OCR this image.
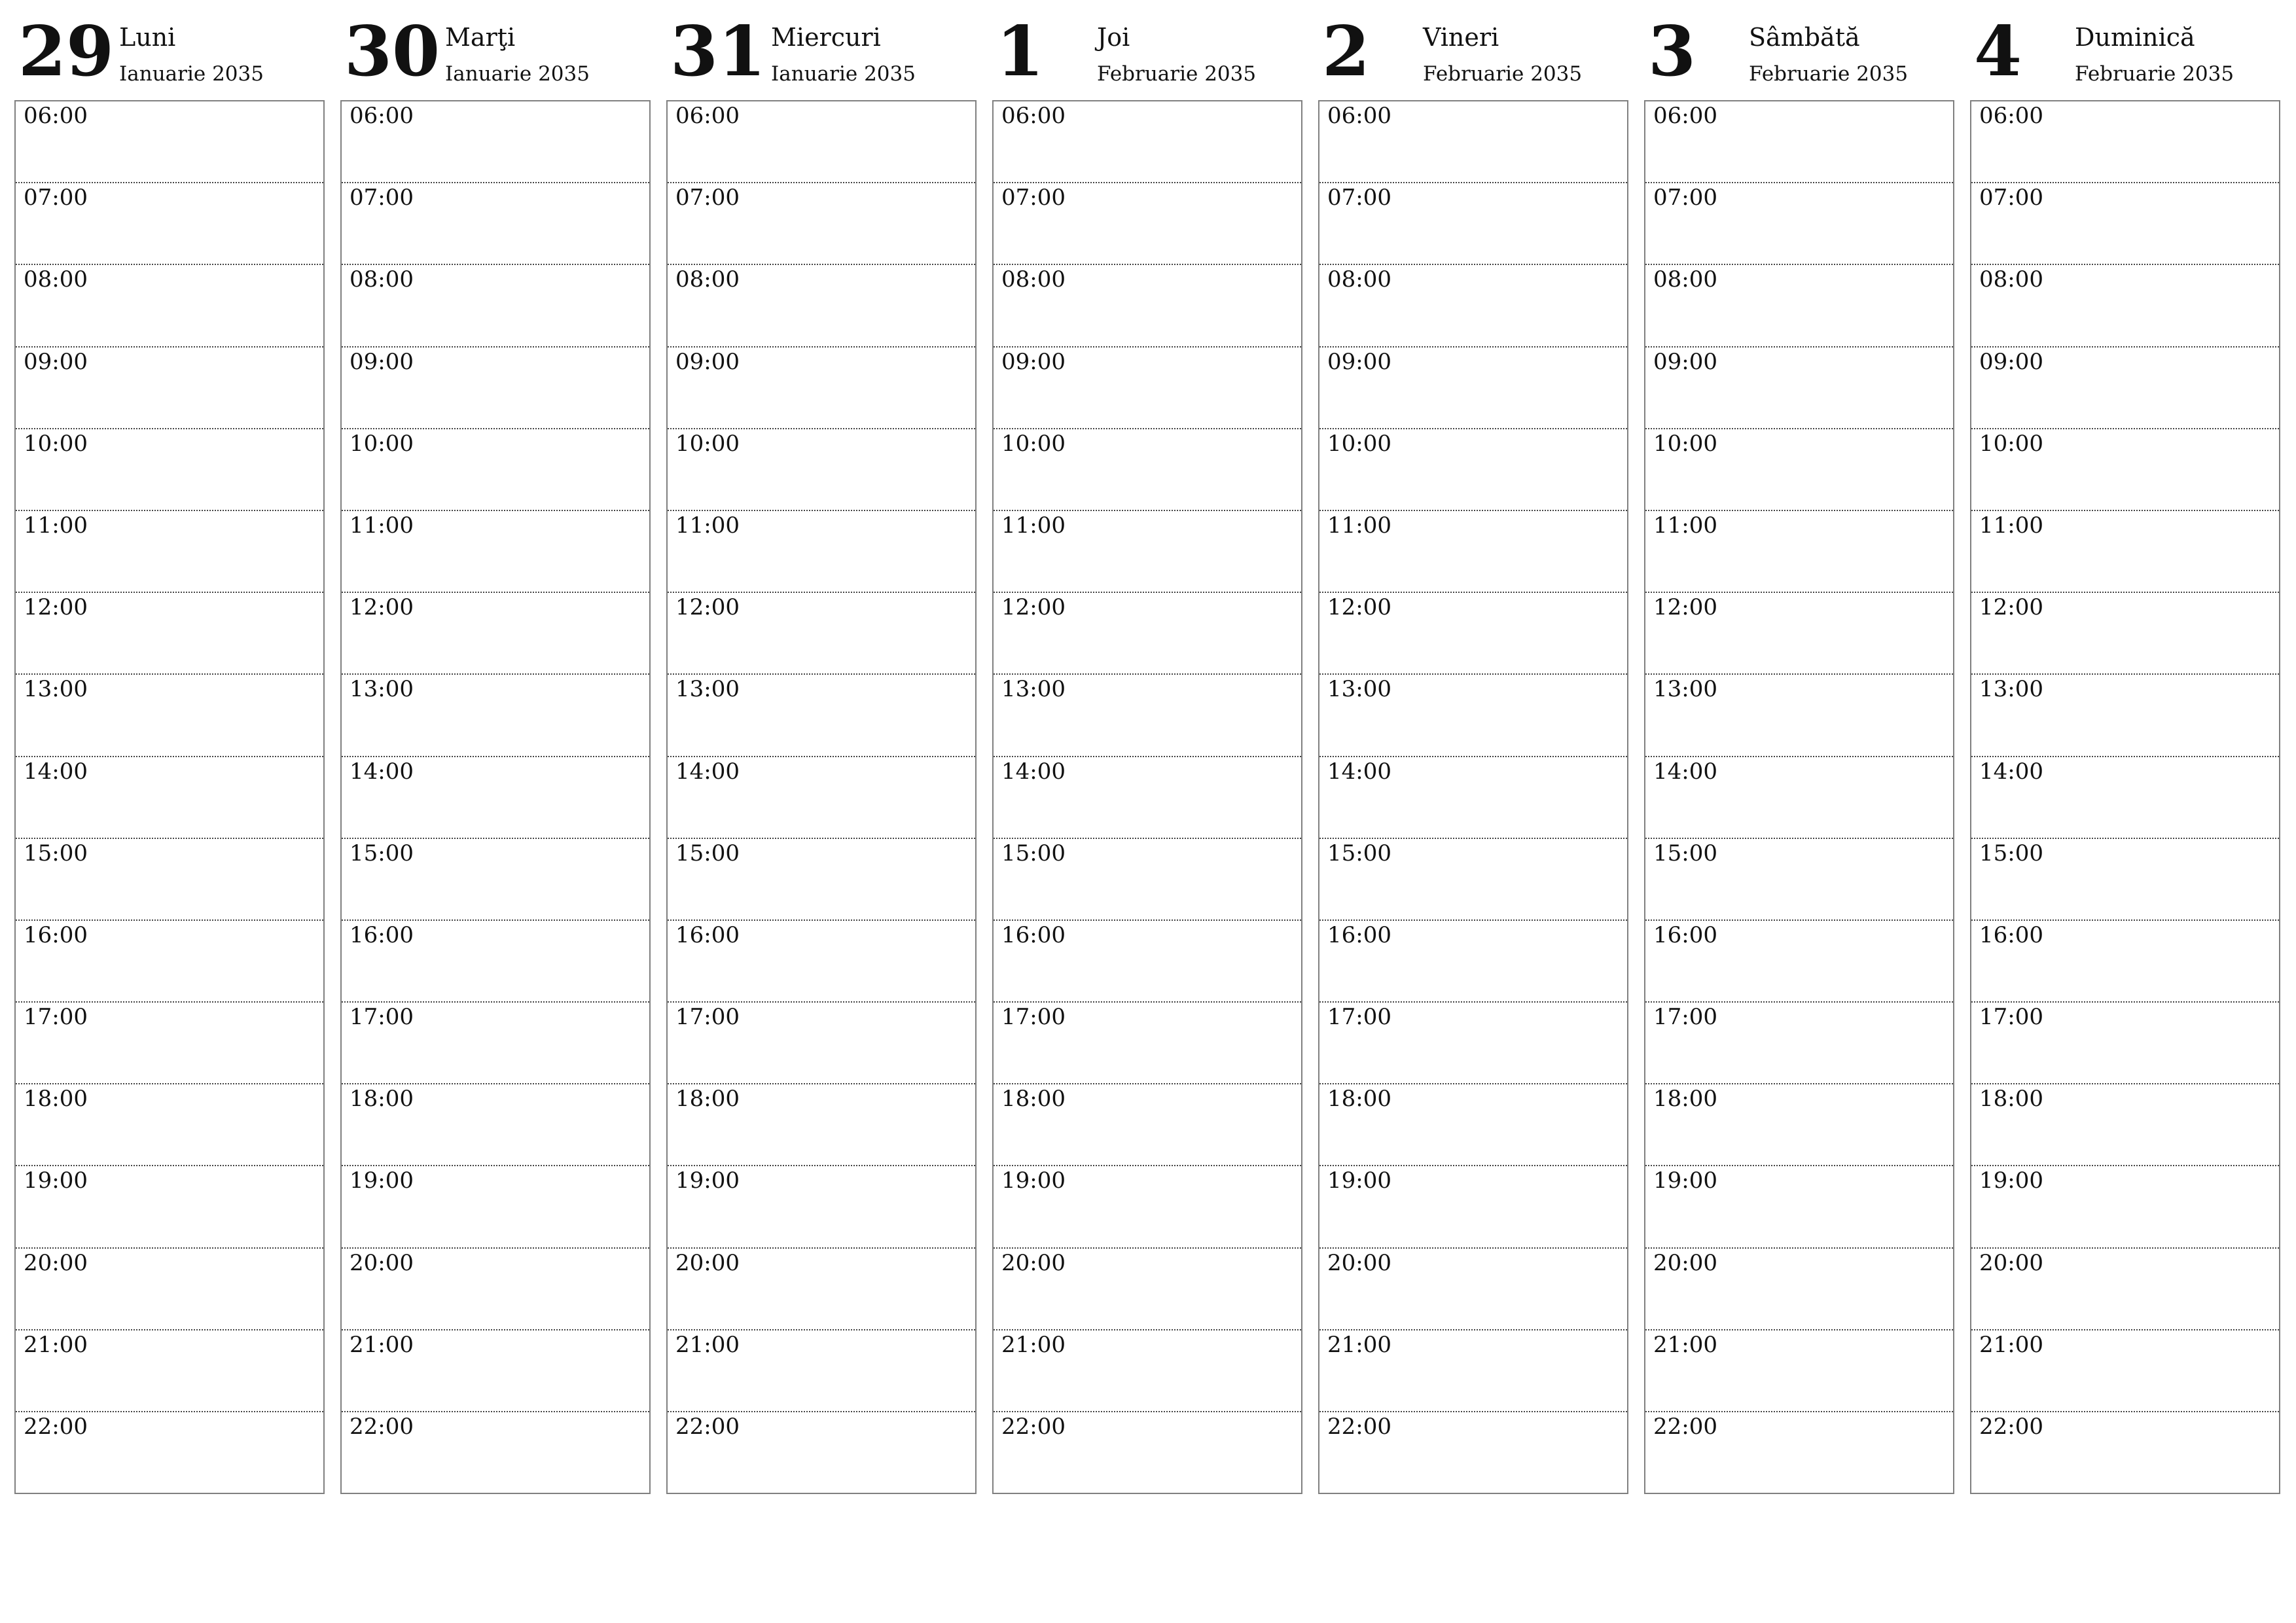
29 Luni
Ianuarie 2035
06:00
07:00
08:00
09:00
10:00
11:00
12:00
13:00
14:00
15:00
16:00
17:00
18:00
19:00
20:00
21:00
22:00
30 Marţi
Ianuarie 2035
06:00
07:00
08:00
09:00
10:00
11:00
12:00
13:00
14:00
15:00
16:00
17:00
18:00
19:00
20:00
21:00
22:00
31 Miercuri
Ianuarie 2035
06:00
07:00
08:00
09:00
10:00
11:00
12:00
13:00
14:00
15:00
16:00
17:00
18:00
19:00
20:00
21:00
22:00
1 Joi
Februarie 2035
06:00
07:00
08:00
09:00
10:00
11:00
12:00
13:00
14:00
15:00
16:00
17:00
18:00
19:00
20:00
21:00
22:00
2 Vineri
Februarie 2035
06:00
07:00
08:00
09:00
10:00
11:00
12:00
13:00
14:00
15:00
16:00
17:00
18:00
19:00
20:00
21:00
22:00
3 Sâmbătă
Februarie 2035
06:00
07:00
08:00
09:00
10:00
11:00
12:00
13:00
14:00
15:00
16:00
17:00
18:00
19:00
20:00
21:00
22:00
4 Duminică
Februarie 2035
06:00
07:00
08:00
09:00
10:00
11:00
12:00
13:00
14:00
15:00
16:00
17:00
18:00
19:00
20:00
21:00
22:00
